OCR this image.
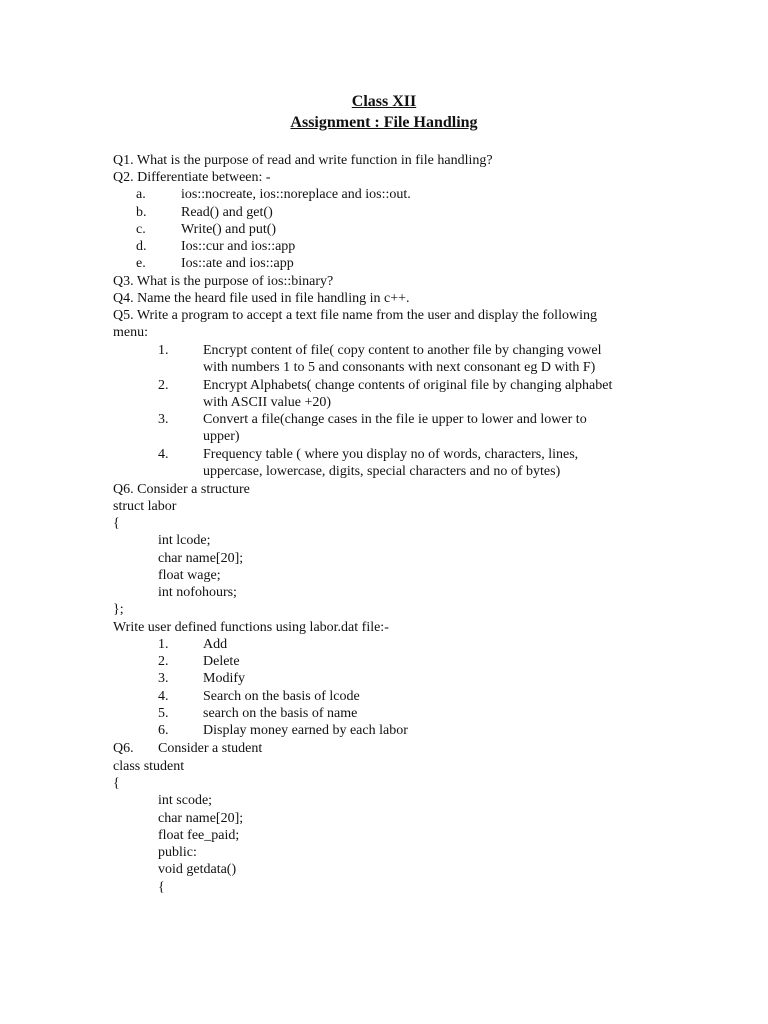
Class XII
Assignment : File Handling
Q1. What is the purpose of read and write function in file handling?
Q2. Differentiate between: -
a.	ios::nocreate, ios::noreplace and ios::out.
b. Read() and get()
c.	Write() and put()
d. Ios::cur and ios::app
e.	Ios::ate and ios::app
Q3. What is the purpose of ios::binary?
Q4. Name the heard file used in file handling in c++.
Q5. Write a program to accept a text file name from the user and display the following
menu:
1. Encrypt content of file( copy content to another file by changing vowel
with numbers 1 to 5 and consonants with next consonant eg D with F)
2. Encrypt Alphabets( change contents of original file by changing alphabet
with ASCII value +20)
3. Convert a file(change cases in the file ie upper to lower and lower to
upper)
4. Frequency table ( where you display no of words, characters, lines,
uppercase, lowercase, digits, special characters and no of bytes)
Q6. Consider a structure
struct labor
{
int lcode;
char name[20];
float wage;
int nofohours;
};
Write user defined functions using labor.dat file:-
1. Add
2. Delete
3. Modify
4. Search on the basis of lcode
5. search on the basis of name
6. Display money earned by each labor
Q6. Consider a student
class student
{
int scode;
char name[20];
float fee_paid;
public:
void getdata()
{
